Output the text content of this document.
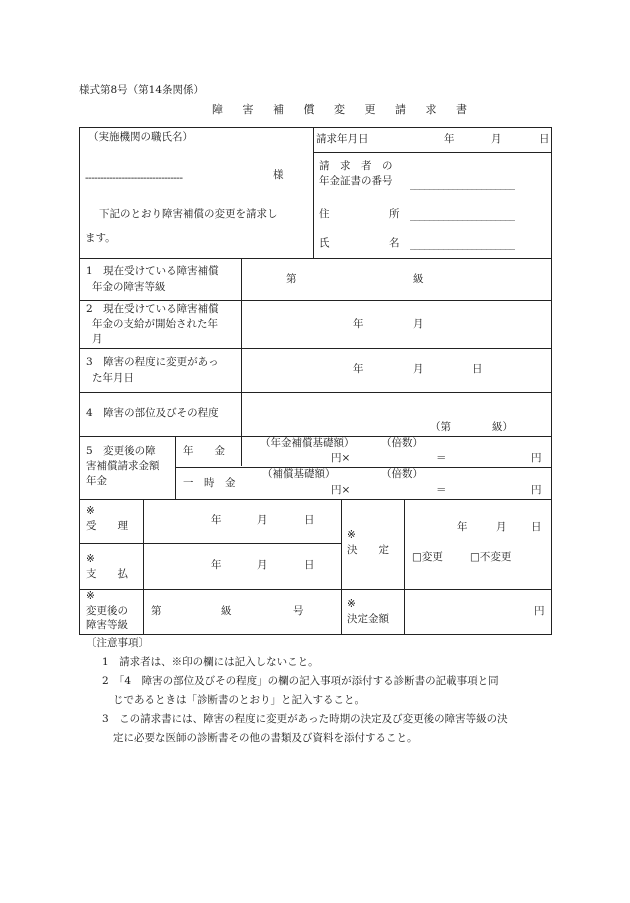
様式第8号（第14条関係）
障 害 補 償 変 更 請 求 書
（実施機関の職氏名）
--------------------------------	様
下記のとおり障害補償の変更を請求し
ます。
請求年月日	年	月	日
請　求　者　の
年金証書の番号 ______________________
住	所 ______________________
氏	名 ______________________
1　現在受けている障害補償
年金の障害等級
第	級
2　現在受けている障害補償
年金の支給が開始された年
月
年	月
3　障害の程度に変更があっ
た年月日
年	月	日
4　障害の部位及びその程度
（第	級）
5　変更後の障
害補償請求金額
年金
年　　金
（年金補償基礎額）	（倍数）
円×	＝	円
一　時　金
（補償基礎額）	（倍数）
円×	＝	円
※
受　　理	年	月	日
※
支　　払
年	月	日
※
決　　定
年	月 日
□変更	□不変更
※
変更後の
障害等級
第	級	号
※
決定金額
円
〔注意事項〕
1　請求者は、※印の欄には記入しないこと。
2　「4　障害の部位及びその程度」の欄の記入事項が添付する診断書の記載事項と同
じであるときは「診断書のとおり」と記入すること。
3　この請求書には、障害の程度に変更があった時期の決定及び変更後の障害等級の決
定に必要な医師の診断書その他の書類及び資料を添付すること。
